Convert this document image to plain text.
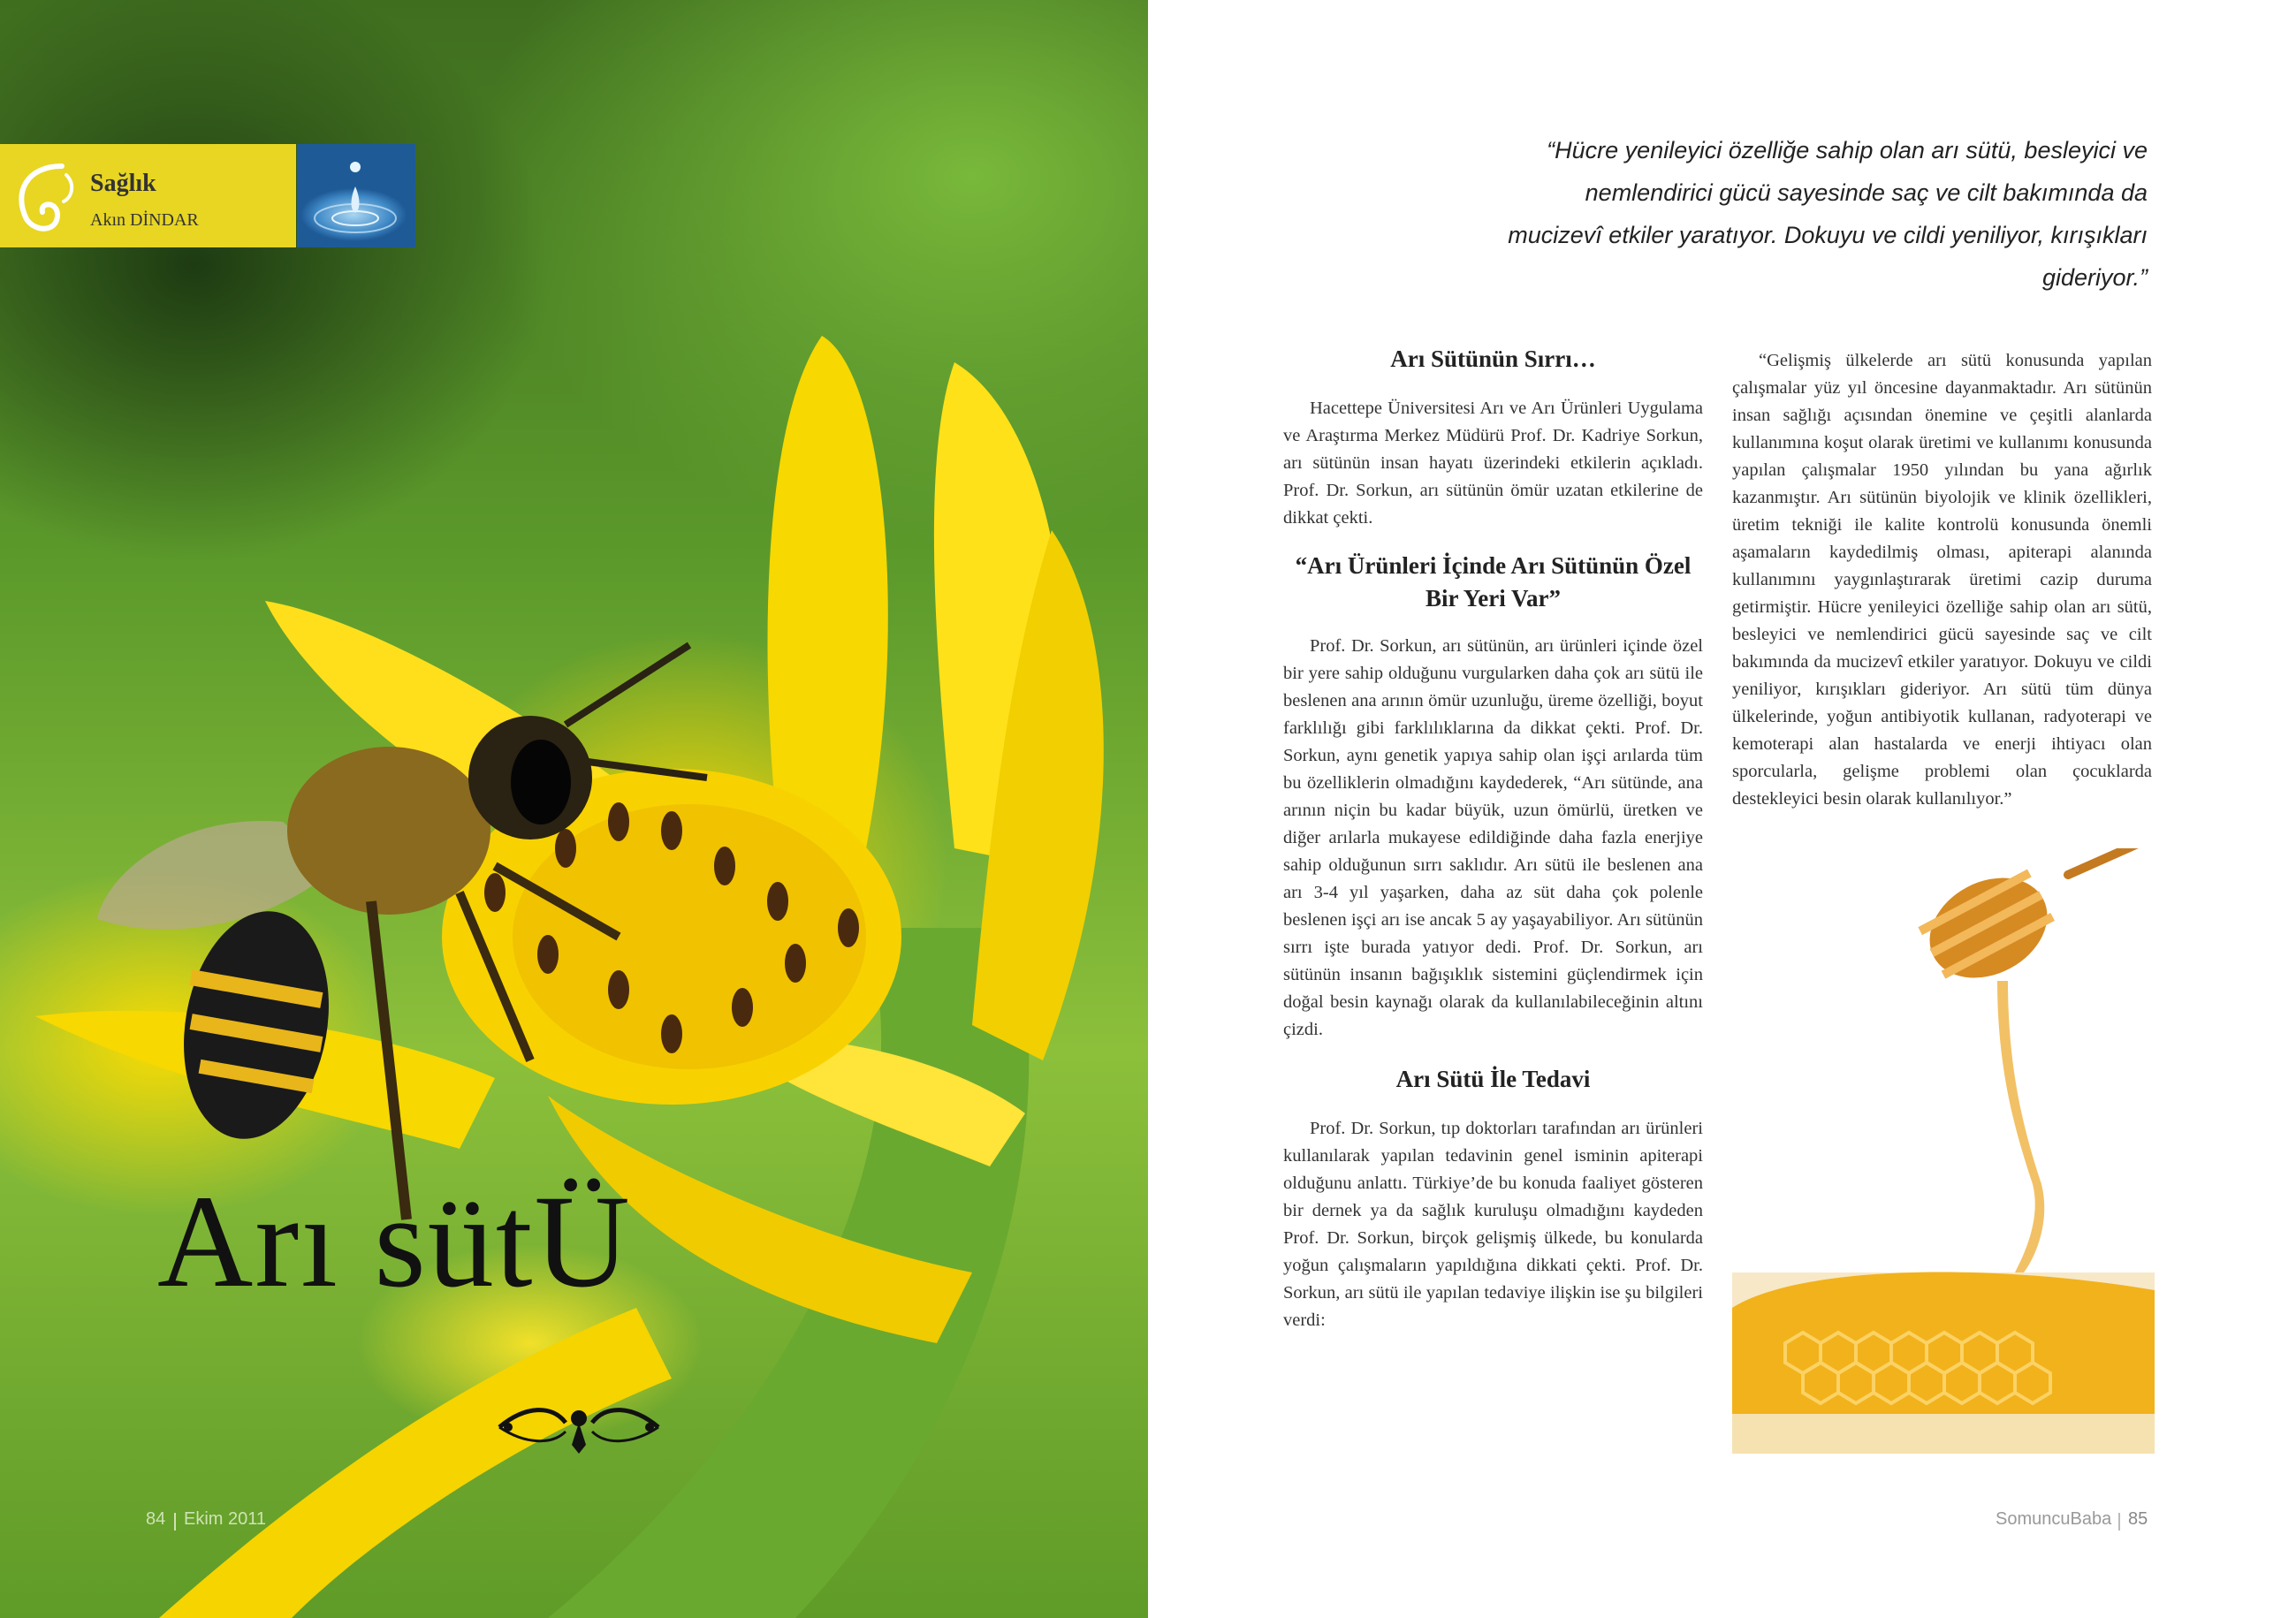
Sağlık
Akın DİNDAR
Arı sütÜ
84 Ekim 2011
“Hücre yenileyici özelliğe sahip olan arı sütü, besleyici ve nemlendirici gücü sayesinde saç ve cilt bakımında da mucizevî etkiler yaratıyor. Dokuyu ve cildi yeniliyor, kırışıkları gideriyor.”
Arı Sütünün Sırrı…

Hacettepe Üniversitesi Arı ve Arı Ürünleri Uygulama ve Araştırma Merkez Müdürü Prof. Dr. Kadriye Sorkun, arı sütünün insan hayatı üzerindeki etkilerin açıkladı. Prof. Dr. Sorkun, arı sütünün ömür uzatan etkilerine de dikkat çekti.

“Arı Ürünleri İçinde Arı Sütünün Özel Bir Yeri Var”

Prof. Dr. Sorkun, arı sütünün, arı ürünleri içinde özel bir yere sahip olduğunu vurgularken daha çok arı sütü ile beslenen ana arının ömür uzunluğu, üreme özelliği, boyut farklılığı gibi farklılıklarına da dikkat çekti. Prof. Dr. Sorkun, aynı genetik yapıya sahip olan işçi arılarda tüm bu özelliklerin olmadığını kaydederek, “Arı sütünde, ana arının niçin bu kadar büyük, uzun ömürlü, üretken ve diğer arılarla mukayese edildiğinde daha fazla enerjiye sahip olduğunun sırrı saklıdır. Arı sütü ile beslenen ana arı 3-4 yıl yaşarken, daha az süt daha çok polenle beslenen işçi arı ise ancak 5 ay yaşayabiliyor. Arı sütünün sırrı işte burada yatıyor dedi. Prof. Dr. Sorkun, arı sütünün insanın bağışıklık sistemini güçlendirmek için doğal besin kaynağı olarak da kullanılabileceğinin altını çizdi.

Arı Sütü İle Tedavi

Prof. Dr. Sorkun, tıp doktorları tarafından arı ürünleri kullanılarak yapılan tedavinin genel isminin apiterapi olduğunu anlattı. Türkiye’de bu konuda faaliyet gösteren bir dernek ya da sağlık kuruluşu olmadığını kaydeden Prof. Dr. Sorkun, birçok gelişmiş ülkede, bu konularda yoğun çalışmaların yapıldığına dikkati çekti. Prof. Dr. Sorkun, arı sütü ile yapılan tedaviye ilişkin ise şu bilgileri verdi:

“Gelişmiş ülkelerde arı sütü konusunda yapılan çalışmalar yüz yıl öncesine dayanmaktadır. Arı sütünün insan sağlığı açısından önemine ve çeşitli alanlarda kullanımına koşut olarak üretimi ve kullanımı konusunda yapılan çalışmalar 1950 yılından bu yana ağırlık kazanmıştır. Arı sütünün biyolojik ve klinik özellikleri, üretim tekniği ile kalite kontrolü konusunda önemli aşamaların kaydedilmiş olması, apiterapi alanında kullanımını yaygınlaştırarak üretimi cazip duruma getirmiştir. Hücre yenileyici özelliğe sahip olan arı sütü, besleyici ve nemlendirici gücü sayesinde saç ve cilt bakımında da mucizevî etkiler yaratıyor. Dokuyu ve cildi yeniliyor, kırışıkları gideriyor. Arı sütü tüm dünya ülkelerinde, yoğun antibiyotik kullanan, radyoterapi ve kemoterapi alan hastalarda ve enerji ihtiyacı olan sporcularla, gelişme problemi olan çocuklarda destekleyici besin olarak kullanılıyor.”

SomuncuBaba 85
